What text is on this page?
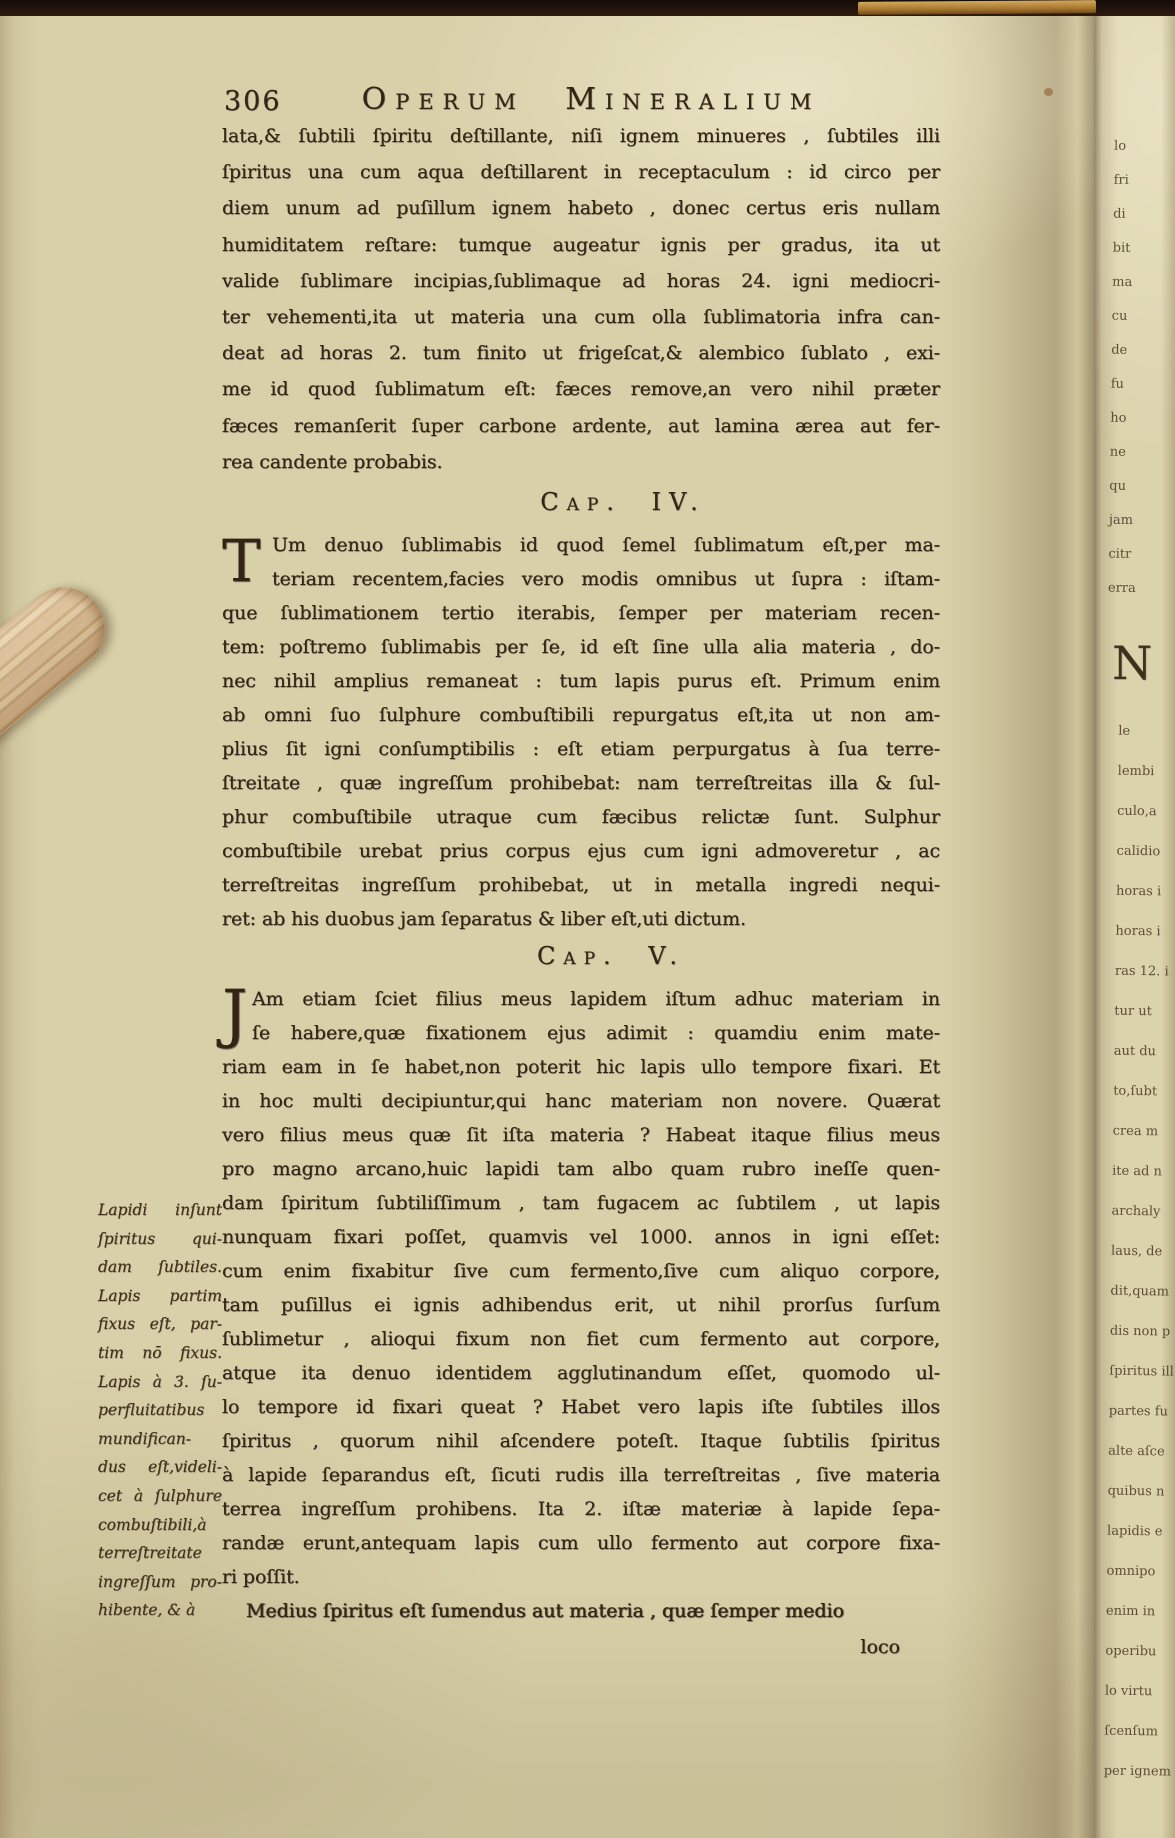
306	Operum Mineralium
lata,& ſubtili ſpiritu deſtillante, niſi ignem minueres , ſubtiles illi
ſpiritus una cum aqua deſtillarent in receptaculum : id circo per
diem unum ad puſillum ignem habeto , donec certus eris nullam
humiditatem reſtare: tumque augeatur ignis per gradus, ita ut
valide ſublimare incipias,ſublimaque ad horas 24. igni mediocri-
ter vehementi,ita ut materia una cum olla ſublimatoria infra can-
deat ad horas 2. tum finito ut frigeſcat,& alembico ſublato , exi-
me id quod ſublimatum eſt: fæces remove,an vero nihil præter
fæces remanſerit ſuper carbone ardente, aut lamina ærea aut fer-
rea candente probabis.
Cap. IV.
T Um denuo ſublimabis id quod ſemel ſublimatum eſt,per ma-
teriam recentem,facies vero modis omnibus ut ſupra : iſtam-
que ſublimationem tertio iterabis, ſemper per materiam recen-
tem: poſtremo ſublimabis per ſe, id eſt ſine ulla alia materia , do-
nec nihil amplius remaneat : tum lapis purus eſt. Primum enim
ab omni ſuo ſulphure combuſtibili repurgatus eſt,ita ut non am-
plius ſit igni conſumptibilis : eſt etiam perpurgatus à ſua terre-
ſtreitate , quæ ingreſſum prohibebat: nam terreſtreitas illa & ſul-
phur combuſtibile utraque cum fæcibus relictæ ſunt. Sulphur
combuſtibile urebat prius corpus ejus cum igni admoveretur , ac
terreſtreitas ingreſſum prohibebat, ut in metalla ingredi nequi-
ret: ab his duobus jam ſeparatus & liber eſt,uti dictum.
Cap. V.
J Am etiam ſciet filius meus lapidem iſtum adhuc materiam in
ſe habere,quæ fixationem ejus adimit : quamdiu enim mate-
riam eam in ſe habet,non poterit hic lapis ullo tempore fixari. Et
in hoc multi decipiuntur,qui hanc materiam non novere. Quærat
vero filius meus quæ ſit iſta materia ? Habeat itaque filius meus
pro magno arcano,huic lapidi tam albo quam rubro ineſſe quen-
dam ſpiritum ſubtiliſſimum , tam fugacem ac ſubtilem , ut lapis
nunquam fixari poſſet, quamvis vel 1000. annos in igni eſſet:
cum enim fixabitur ſive cum fermento,ſive cum aliquo corpore,
tam puſillus ei ignis adhibendus erit, ut nihil prorſus ſurſum
ſublimetur , alioqui fixum non fiet cum fermento aut corpore,
atque ita denuo identidem agglutinandum eſſet, quomodo ul-
lo tempore id fixari queat ? Habet vero lapis iſte ſubtiles illos
ſpiritus , quorum nihil aſcendere poteſt. Itaque ſubtilis ſpiritus
à lapide ſeparandus eſt, ſicuti rudis illa terreſtreitas , ſive materia
terrea ingreſſum prohibens. Ita 2. iſtæ materiæ à lapide ſepa-
randæ erunt,antequam lapis cum ullo fermento aut corpore fixa-
ri poſſit.
Medius ſpiritus eſt ſumendus aut materia , quæ ſemper medio
loco
Lapidi inſunt
ſpiritus qui-
dam ſubtiles.
Lapis partim
fixus eſt, par-
tim nō fixus.
Lapis à 3. ſu-
perfluitatibus
mundifican-
dus eſt,videli-
cet à ſulphure
combuſtibili,à
terreſtreitate
ingreſſum pro-
hibente, & à
lo
fri
di
bit
ma
cu
de
fu
ho
ne
qu
jam
citr
erra
N
le
lembi
culo,a
calidio
horas i
horas i
ras 12. i
tur ut
aut du
to,ſubt
crea m
ite ad n
archaly
laus, de
dit,quam
dis non p
ſpiritus ill
partes fu
alte aſce
quibus n
lapidis e
omnipo
enim in
operibu
lo virtu
ſcenſum
per ignem
